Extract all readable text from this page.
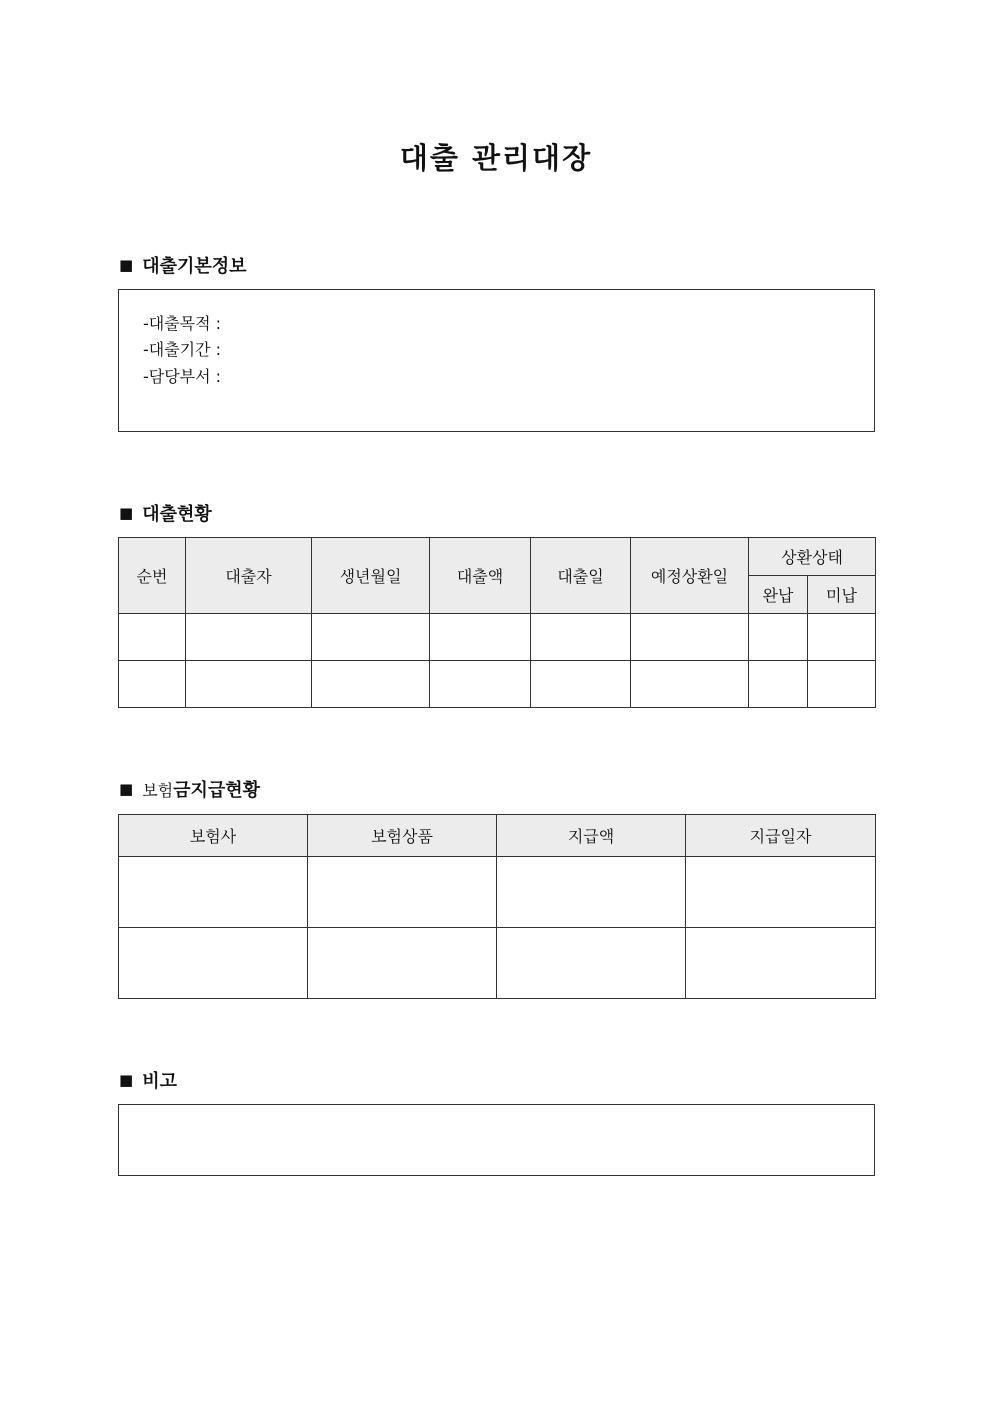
대출 관리대장
■ 대출기본정보
-대출목적 :
-대출기간 :
-담당부서 :
■ 대출현황
순번	대출자	생년월일	대출액	대출일	예정상환일	상환상태	
						완납	미납

■ 보험 금지급현황
보험사	보험상품	지급액	지급일자

■ 비고
